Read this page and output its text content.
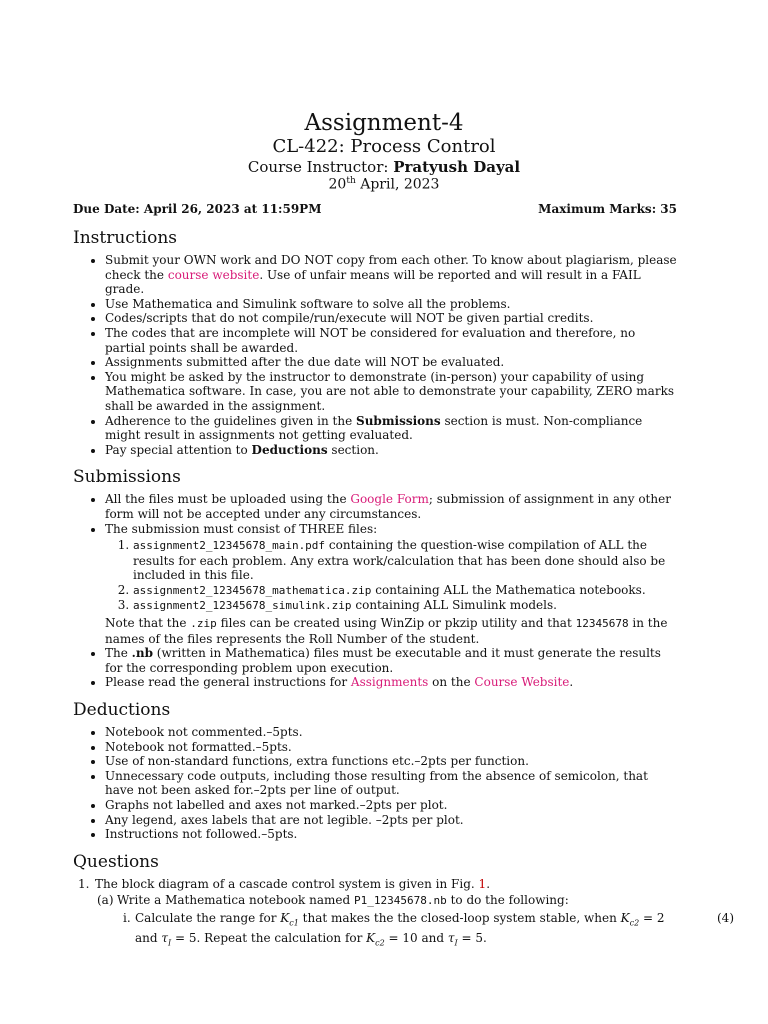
Assignment-4
CL-422: Process Control
Course Instructor: Pratyush Dayal
20th April, 2023
Due Date: April 26, 2023 at 11:59PM	Maximum Marks: 35
Instructions
• Submit your OWN work and DO NOT copy from each other. To know about plagiarism, please check the course website. Use of unfair means will be reported and will result in a FAIL grade.
• Use Mathematica and Simulink software to solve all the problems.
• Codes/scripts that do not compile/run/execute will NOT be given partial credits.
• The codes that are incomplete will NOT be considered for evaluation and therefore, no partial points shall be awarded.
• Assignments submitted after the due date will NOT be evaluated.
• You might be asked by the instructor to demonstrate (in-person) your capability of using Mathematica software. In case, you are not able to demonstrate your capability, ZERO marks shall be awarded in the assignment.
• Adherence to the guidelines given in the Submissions section is must. Non-compliance might result in assignments not getting evaluated.
• Pay special attention to Deductions section.
Submissions
• All the files must be uploaded using the Google Form; submission of assignment in any other form will not be accepted under any circumstances.
• The submission must consist of THREE files:
1. assignment2_12345678_main.pdf containing the question-wise compilation of ALL the results for each problem. Any extra work/calculation that has been done should also be included in this file.
2. assignment2_12345678_mathematica.zip containing ALL the Mathematica notebooks.
3. assignment2_12345678_simulink.zip containing ALL Simulink models.
Note that the .zip files can be created using WinZip or pkzip utility and that 12345678 in the names of the files represents the Roll Number of the student.
• The .nb (written in Mathematica) files must be executable and it must generate the results for the corresponding problem upon execution.
• Please read the general instructions for Assignments on the Course Website.
Deductions
• Notebook not commented.–5pts.
• Notebook not formatted.–5pts.
• Use of non-standard functions, extra functions etc.–2pts per function.
• Unnecessary code outputs, including those resulting from the absence of semicolon, that have not been asked for.–2pts per line of output.
• Graphs not labelled and axes not marked.–2pts per plot.
• Any legend, axes labels that are not legible. –2pts per plot.
• Instructions not followed.–5pts.
Questions
1. The block diagram of a cascade control system is given in Fig. 1.
(a) Write a Mathematica notebook named P1_12345678.nb to do the following:
i. Calculate the range for $K_{c1}$ that makes the the closed-loop system stable, when $K_{c2} = 2$ and $\tau_I = 5$. Repeat the calculation for $K_{c2} = 10$ and $\tau_I = 5$.
(4)
